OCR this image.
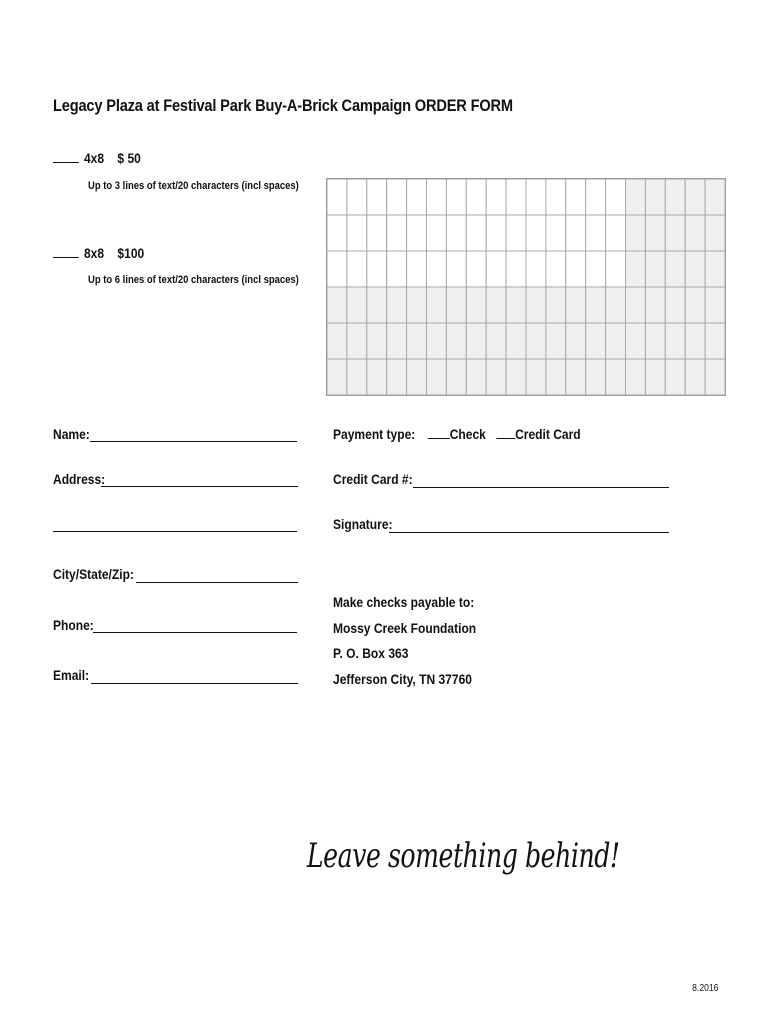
Legacy Plaza at Festival Park Buy-A-Brick Campaign ORDER FORM
4x8 $ 50
Up to 3 lines of text/20 characters (incl spaces)
8x8 $100
Up to 6 lines of text/20 characters (incl spaces)
Name:
Address:
City/State/Zip:
Phone:
Email:
Payment type: Check Credit Card
Credit Card #:
Signature:
Make checks payable to:
Mossy Creek Foundation
P. O. Box 363
Jefferson City, TN 37760
Leave something behind!
8.2016
